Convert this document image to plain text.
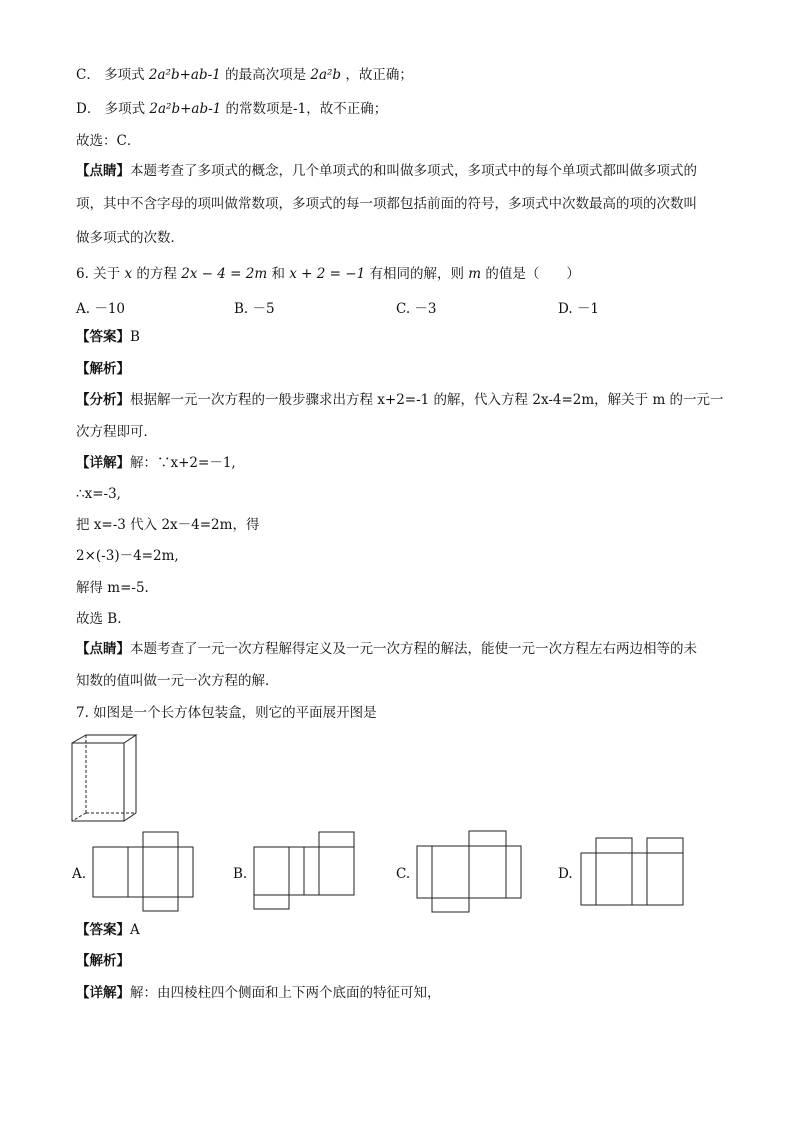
C． 多项式 2a²b+ab-1 的最高次项是 2a²b ，故正确；
D． 多项式 2a²b+ab-1 的常数项是-1，故不正确；
故选：C．
【点睛】本题考查了多项式的概念，几个单项式的和叫做多项式，多项式中的每个单项式都叫做多项式的
项，其中不含字母的项叫做常数项，多项式的每一项都包括前面的符号，多项式中次数最高的项的次数叫
做多项式的次数．
6. 关于 x 的方程 2x − 4 = 2m 和 x + 2 = −1 有相同的解，则 m 的值是（　　）
A. －10	B. －5	C. －3	D. －1
【答案】B
【解析】
【分析】根据解一元一次方程的一般步骤求出方程 x+2=-1 的解，代入方程 2x-4=2m，解关于 m 的一元一
次方程即可．
【详解】解：∵x+2=－1,
∴x=-3,
把 x=-3 代入 2x－4=2m，得
2×(-3)－4=2m,
解得 m=-5.
故选 B.
【点睛】本题考查了一元一次方程解得定义及一元一次方程的解法，能使一元一次方程左右两边相等的未
知数的值叫做一元一次方程的解．
7. 如图是一个长方体包装盒，则它的平面展开图是
A.	B.	C.	D.
【答案】A
【解析】
【详解】解：由四棱柱四个侧面和上下两个底面的特征可知，
